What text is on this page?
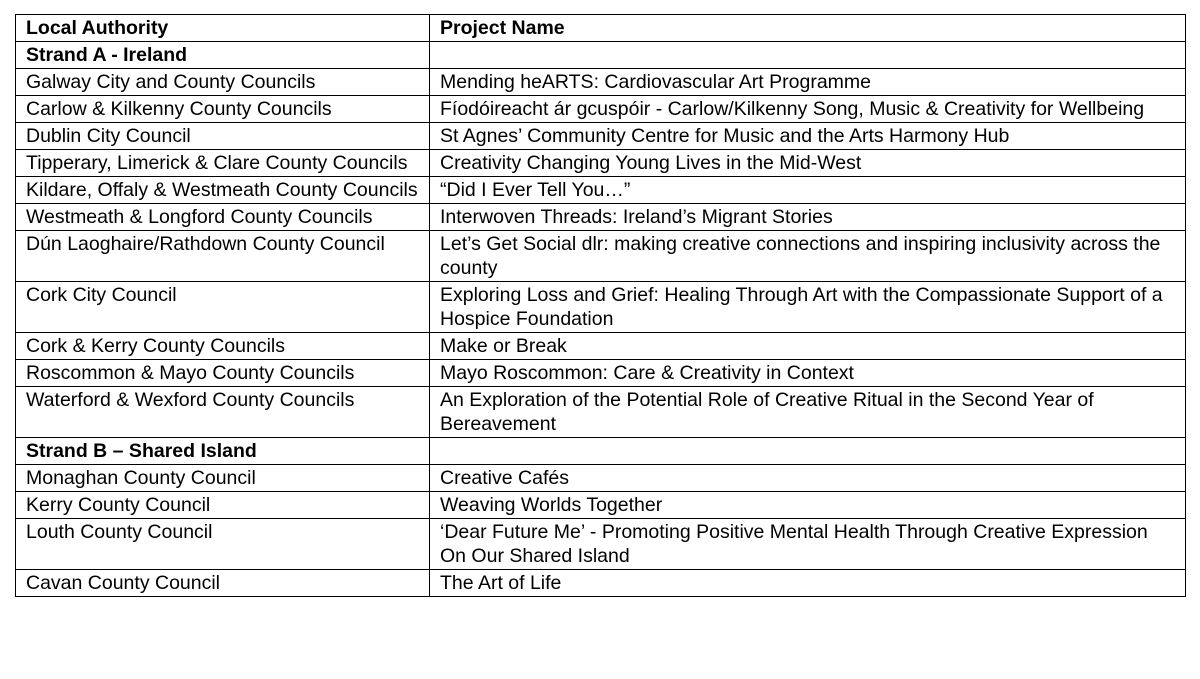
Local Authority	Project Name
Strand A - Ireland	
Galway City and County Councils	Mending heARTS: Cardiovascular Art Programme
Carlow & Kilkenny County Councils	Fíodóireacht ár gcuspóir - Carlow/Kilkenny Song, Music & Creativity for Wellbeing
Dublin City Council	St Agnes’ Community Centre for Music and the Arts Harmony Hub
Tipperary, Limerick & Clare County Councils	Creativity Changing Young Lives in the Mid-West
Kildare, Offaly & Westmeath County Councils	“Did I Ever Tell You…”
Westmeath & Longford County Councils	Interwoven Threads: Ireland’s Migrant Stories
Dún Laoghaire/Rathdown County Council	Let’s Get Social dlr: making creative connections and inspiring inclusivity across the county
Cork City Council	Exploring Loss and Grief: Healing Through Art with the Compassionate Support of a Hospice Foundation
Cork & Kerry County Councils	Make or Break
Roscommon & Mayo County Councils	Mayo Roscommon: Care & Creativity in Context
Waterford & Wexford County Councils	An Exploration of the Potential Role of Creative Ritual in the Second Year of Bereavement
Strand B – Shared Island	
Monaghan County Council	Creative Cafés
Kerry County Council	Weaving Worlds Together
Louth County Council	‘Dear Future Me’ - Promoting Positive Mental Health Through Creative Expression On Our Shared Island
Cavan County Council	The Art of Life
